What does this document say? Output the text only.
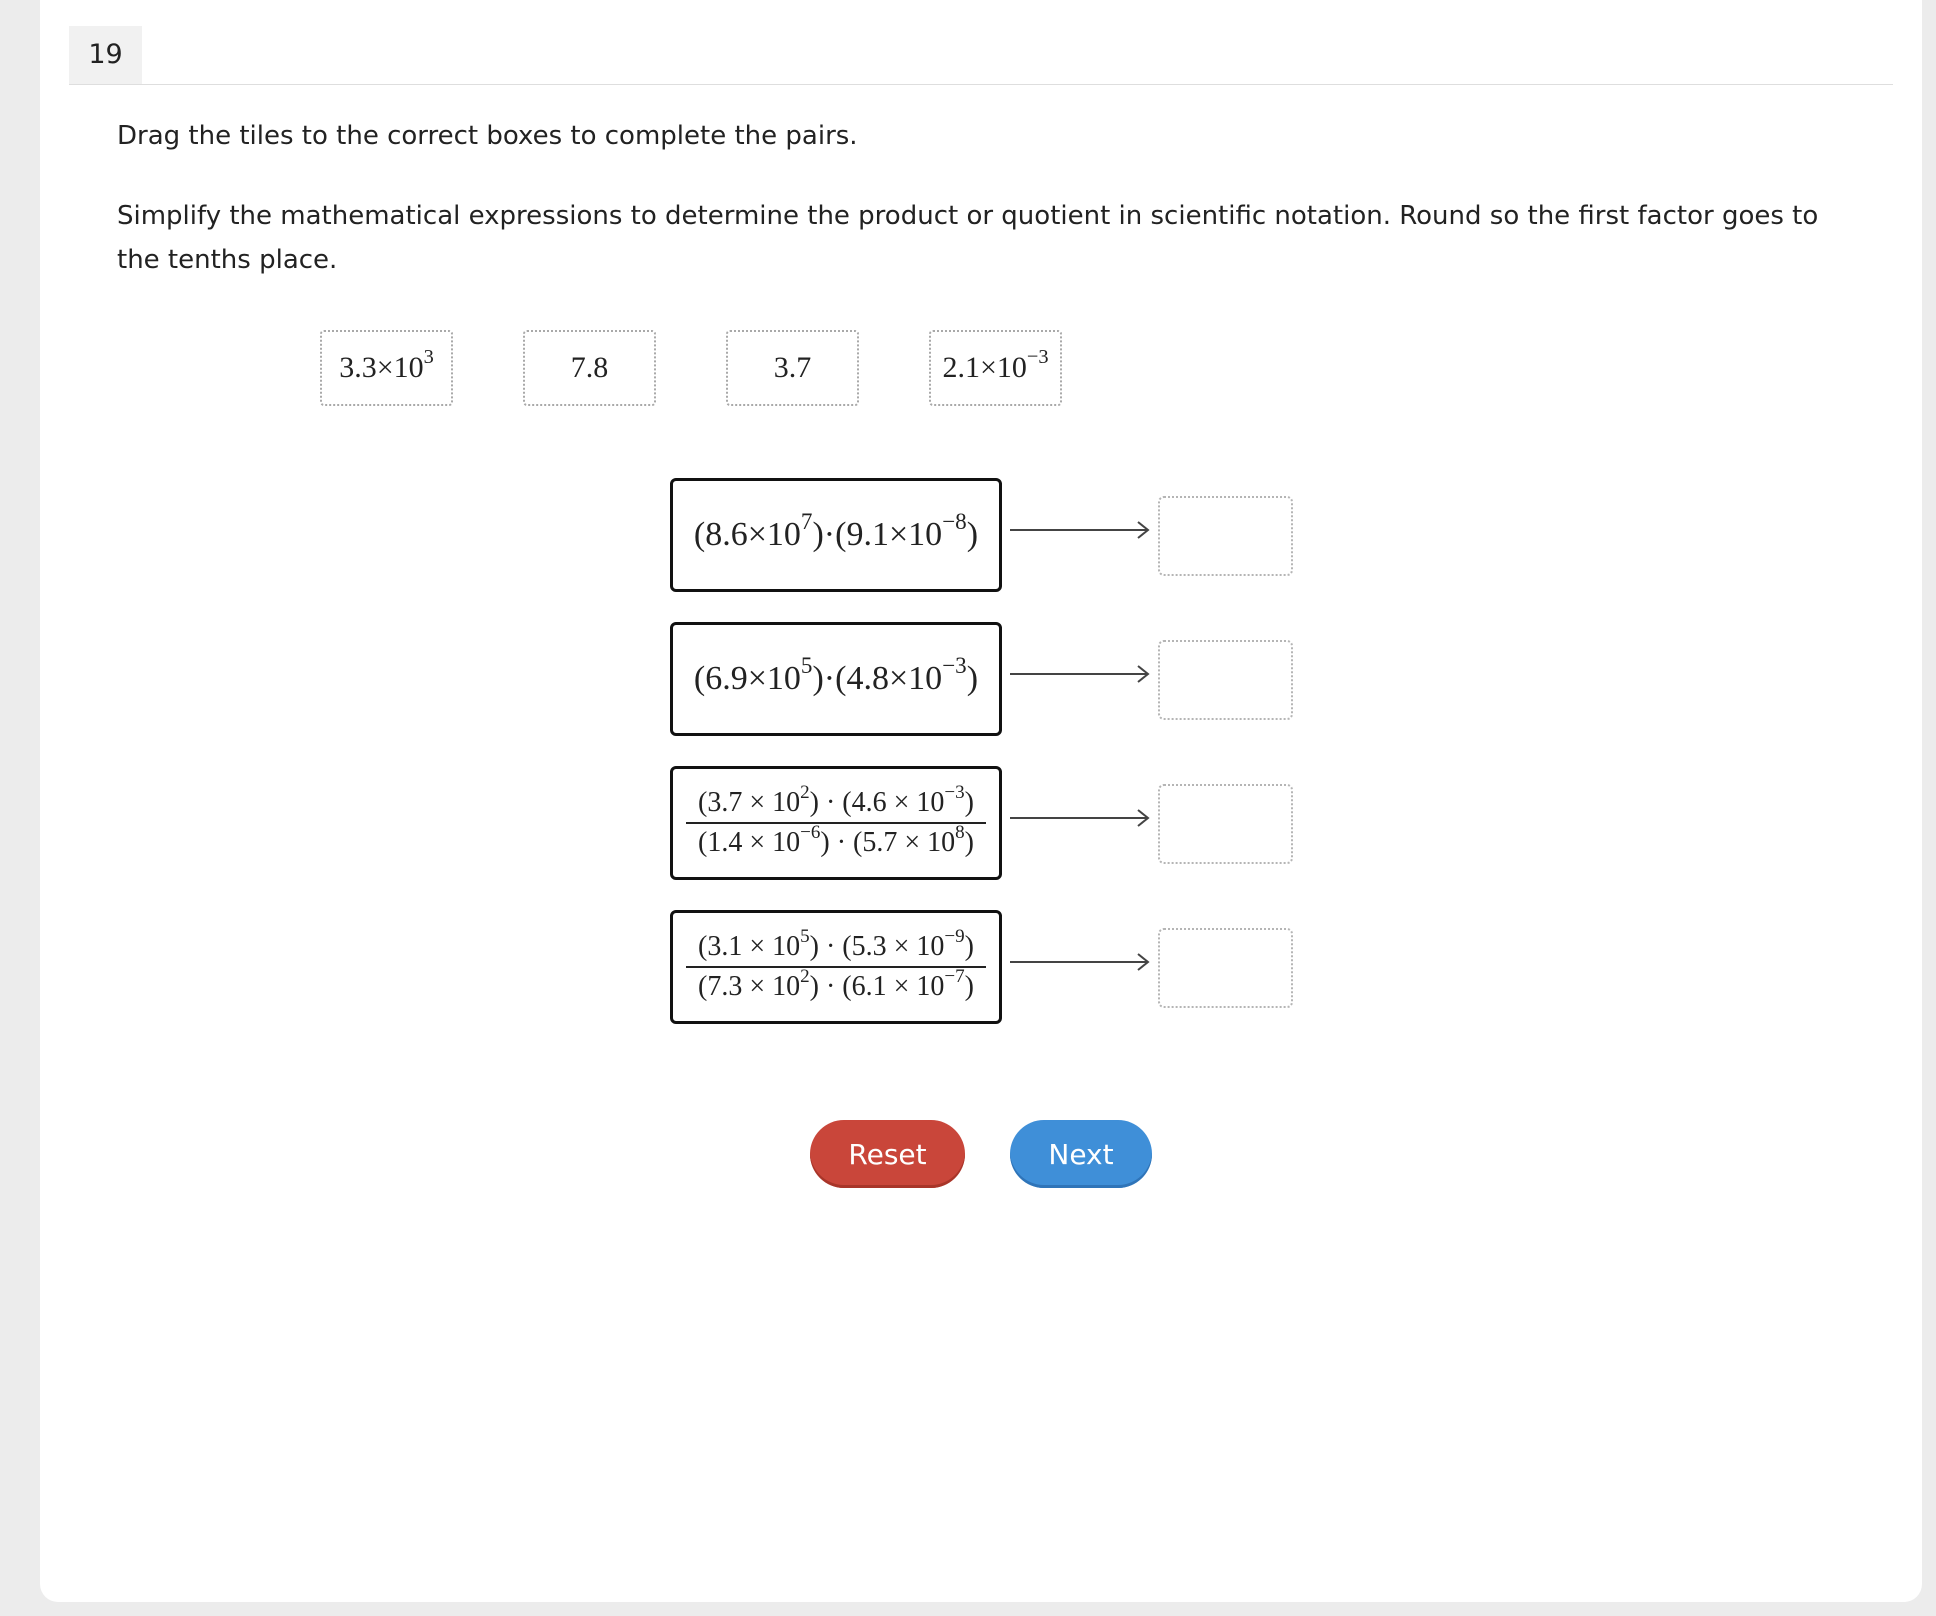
19
Drag the tiles to the correct boxes to complete the pairs.
Simplify the mathematical expressions to determine the product or quotient in scientific notation. Round so the first factor goes to the tenths place.
$3.3\times 10^3$	7.8	3.7	$2.1\times 10^{-3}$
$(8.6\times 10^7)\cdot(9.1\times 10^{-8})$
$(6.9\times 10^5)\cdot(4.8\times 10^{-3})$
$\frac{(3.7 \times 10^2) \cdot (4.6 \times 10^{-3})}{(1.4 \times 10^{-6}) \cdot (5.7 \times 10^8)}$
$\frac{(3.1 \times 10^5) \cdot (5.3 \times 10^{-9})}{(7.3 \times 10^2) \cdot (6.1 \times 10^{-7})}$
Reset	Next
